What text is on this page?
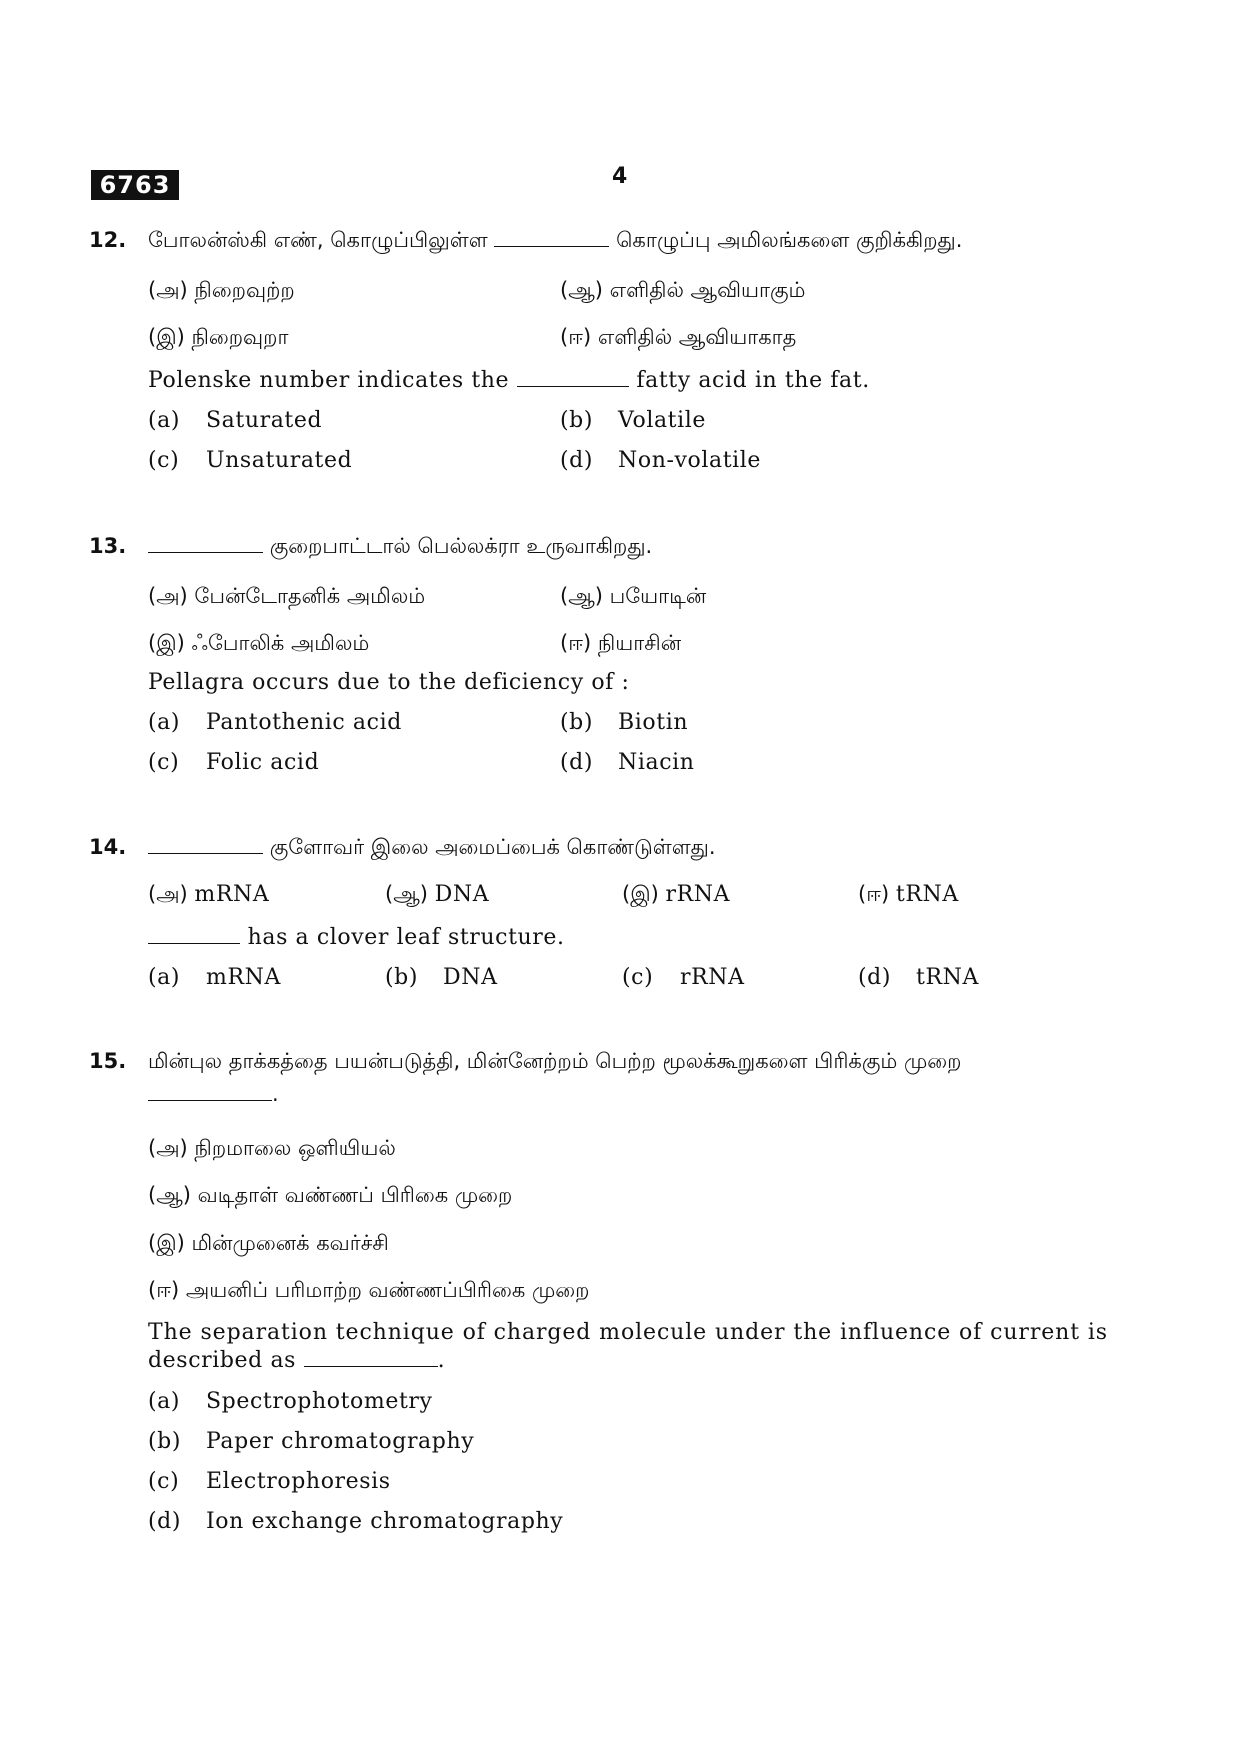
6763	4
12. போலன்ஸ்கி எண், கொழுப்பிலுள்ள	கொழுப்பு அமிலங்களை குறிக்கிறது.
(அ) நிறைவுற்ற	(ஆ) எளிதில் ஆவியாகும்
(இ) நிறைவுறா	(ஈ) எளிதில் ஆவியாகாத
Polenske number indicates the	fatty acid in the fat.
(a) Saturated	(b) Volatile
(c) Unsaturated	(d) Non-volatile
13.	குறைபாட்டால் பெல்லக்ரா உருவாகிறது.
(அ) பேன்டோதனிக் அமிலம்	(ஆ) பயோடின்
(இ) ஃபோலிக் அமிலம்	(ஈ) நியாசின்
Pellagra occurs due to the deficiency of :
(a) Pantothenic acid	(b) Biotin
(c) Folic acid	(d) Niacin
14.	குளோவர் இலை அமைப்பைக் கொண்டுள்ளது.
(அ) mRNA	(ஆ) DNA	(இ) rRNA	(ஈ) tRNA
has a clover leaf structure.
(a) mRNA	(b) DNA	(c) rRNA	(d) tRNA
15. மின்புல தாக்கத்தை பயன்படுத்தி, மின்னேற்றம் பெற்ற மூலக்கூறுகளை பிரிக்கும் முறை
.
(அ) நிறமாலை ஒளியியல்
(ஆ) வடிதாள் வண்ணப் பிரிகை முறை
(இ) மின்முனைக் கவர்ச்சி
(ஈ) அயனிப் பரிமாற்ற வண்ணப்பிரிகை முறை
The separation technique of charged molecule under the influence of current is
described as	.
(a) Spectrophotometry
(b) Paper chromatography
(c) Electrophoresis
(d) Ion exchange chromatography
